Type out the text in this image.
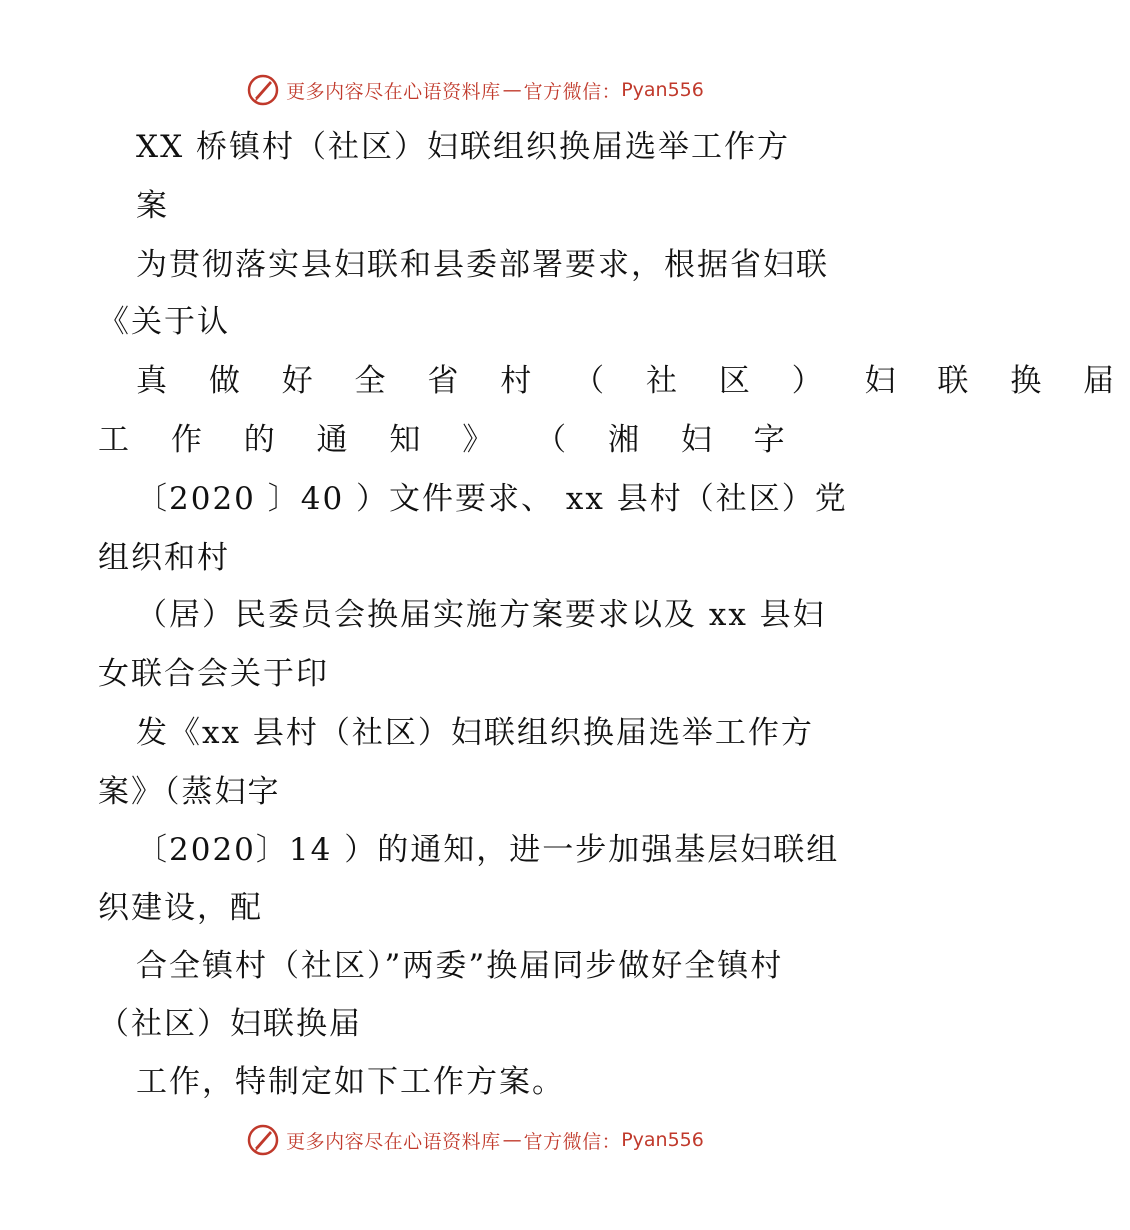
更多内容尽在心语资料库 — 官方微信： Pyan556
XX 桥镇村（社区）妇联组织换届选举工作方
案
为贯彻落实县妇联和县委部署要求，根据省妇联
《关于认
真 做 好 全 省 村 （ 社 区 ） 妇 联 换 届
工 作 的 通 知 》 （ 湘 妇 字
〔2020 〕40 ）文件要求、 xx 县村（社区）党
组织和村
（居）民委员会换届实施方案要求以及 xx 县妇
女联合会关于印
发《xx 县村（社区）妇联组织换届选举工作方
案》（蒸妇字
〔2020〕14 ）的通知，进一步加强基层妇联组
织建设，配
合全镇村（社区）”两委”换届同步做好全镇村
（社区）妇联换届
工作，特制定如下工作方案。
更多内容尽在心语资料库 — 官方微信： Pyan556
